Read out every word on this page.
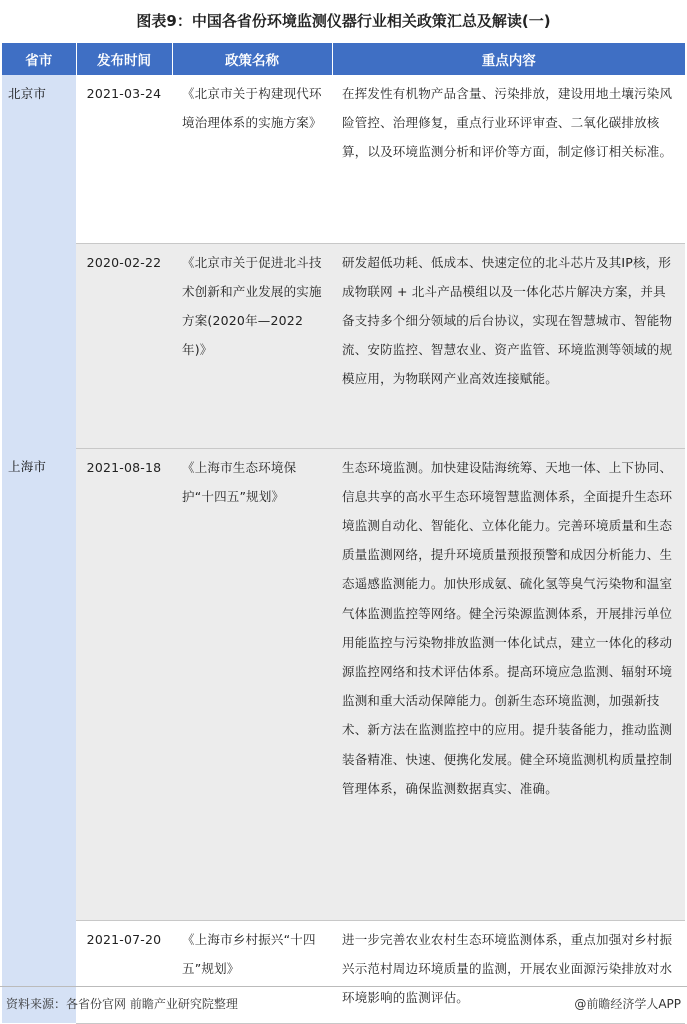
图表9：中国各省份环境监测仪器行业相关政策汇总及解读(一)
省市	发布时间	政策名称	重点内容
北京市	2021-03-24	《北京市关于构建现代环境治理体系的实施方案》	在挥发性有机物产品含量、污染排放，建设用地土壤污染风险管控、治理修复，重点行业环评审查、二氧化碳排放核算，以及环境监测分析和评价等方面，制定修订相关标准。
	2020-02-22	《北京市关于促进北斗技术创新和产业发展的实施方案(2020年—2022年)》	研发超低功耗、低成本、快速定位的北斗芯片及其IP核，形成物联网 + 北斗产品模组以及一体化芯片解决方案，并具备支持多个细分领域的后台协议，实现在智慧城市、智能物流、安防监控、智慧农业、资产监管、环境监测等领域的规模应用，为物联网产业高效连接赋能。
上海市	2021-08-18	《上海市生态环境保护“十四五”规划》	生态环境监测。加快建设陆海统筹、天地一体、上下协同、信息共享的高水平生态环境智慧监测体系，全面提升生态环境监测自动化、智能化、立体化能力。完善环境质量和生态质量监测网络，提升环境质量预报预警和成因分析能力、生态遥感监测能力。加快形成氨、硫化氢等臭气污染物和温室气体监测监控等网络。健全污染源监测体系，开展排污单位用能监控与污染物排放监测一体化试点，建立一体化的移动源监控网络和技术评估体系。提高环境应急监测、辐射环境监测和重大活动保障能力。创新生态环境监测，加强新技术、新方法在监测监控中的应用。提升装备能力，推动监测装备精准、快速、便携化发展。健全环境监测机构质量控制管理体系，确保监测数据真实、准确。
	2021-07-20	《上海市乡村振兴“十四五”规划》	进一步完善农业农村生态环境监测体系，重点加强对乡村振兴示范村周边环境质量的监测，开展农业面源污染排放对水环境影响的监测评估。
资料来源：各省份官网 前瞻产业研究院整理	@前瞻经济学人APP
